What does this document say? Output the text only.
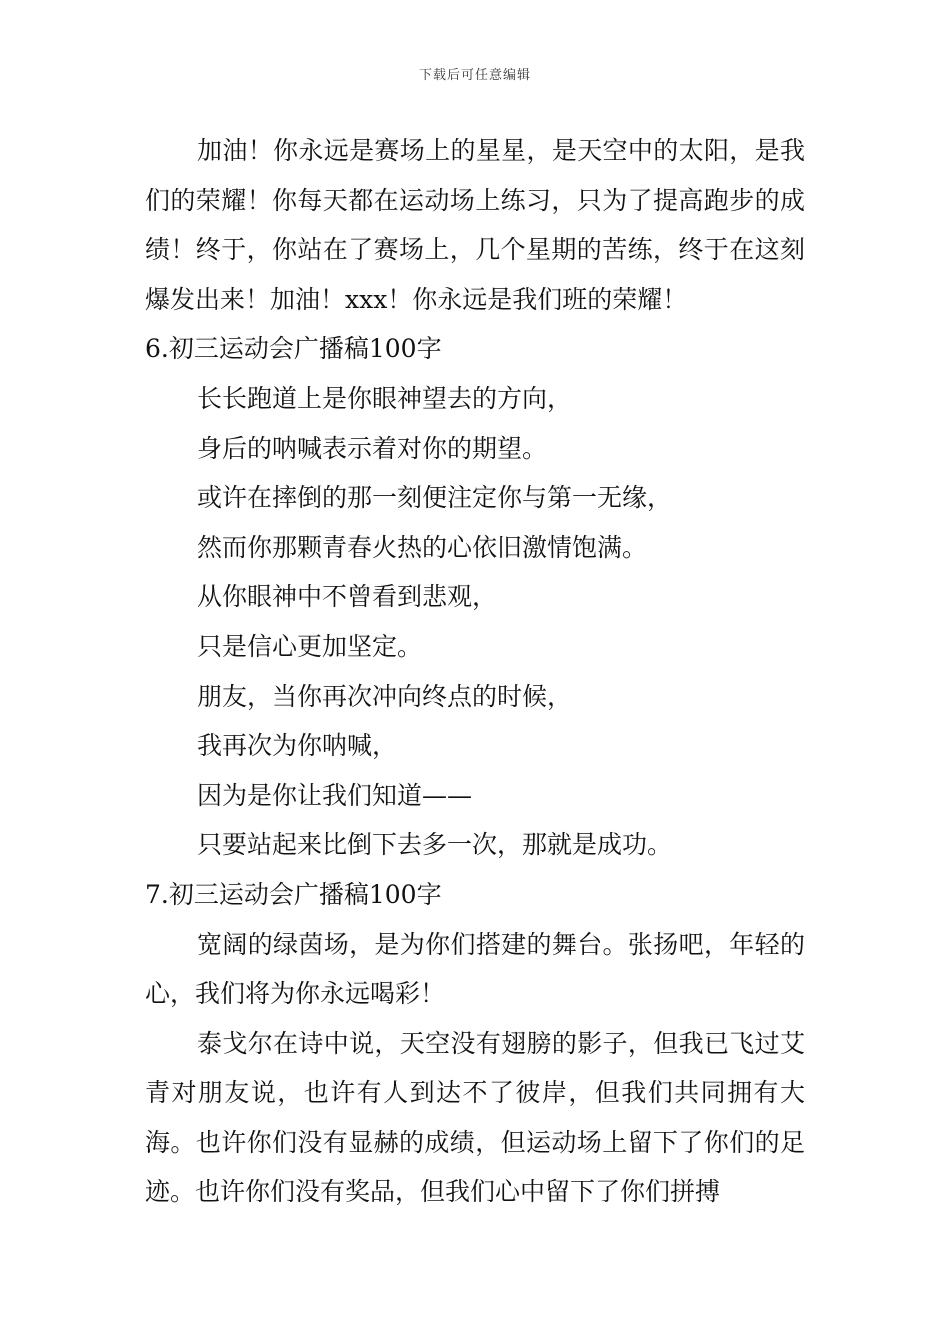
下载后可任意编辑

加油！你永远是赛场上的星星，是天空中的太阳，是我们的荣耀！你每天都在运动场上练习，只为了提高跑步的成绩！终于，你站在了赛场上，几个星期的苦练，终于在这刻爆发出来！加油！xxx！你永远是我们班的荣耀！

6.初三运动会广播稿100字

长长跑道上是你眼神望去的方向，

身后的呐喊表示着对你的期望。

或许在摔倒的那一刻便注定你与第一无缘，

然而你那颗青春火热的心依旧激情饱满。

从你眼神中不曾看到悲观，

只是信心更加坚定。

朋友，当你再次冲向终点的时候，

我再次为你呐喊，

因为是你让我们知道——

只要站起来比倒下去多一次，那就是成功。

7.初三运动会广播稿100字

宽阔的绿茵场，是为你们搭建的舞台。张扬吧，年轻的心，我们将为你永远喝彩！

泰戈尔在诗中说，天空没有翅膀的影子，但我已飞过艾青对朋友说，也许有人到达不了彼岸，但我们共同拥有大海。也许你们没有显赫的成绩，但运动场上留下了你们的足迹。也许你们没有奖品，但我们心中留下了你们拼搏
